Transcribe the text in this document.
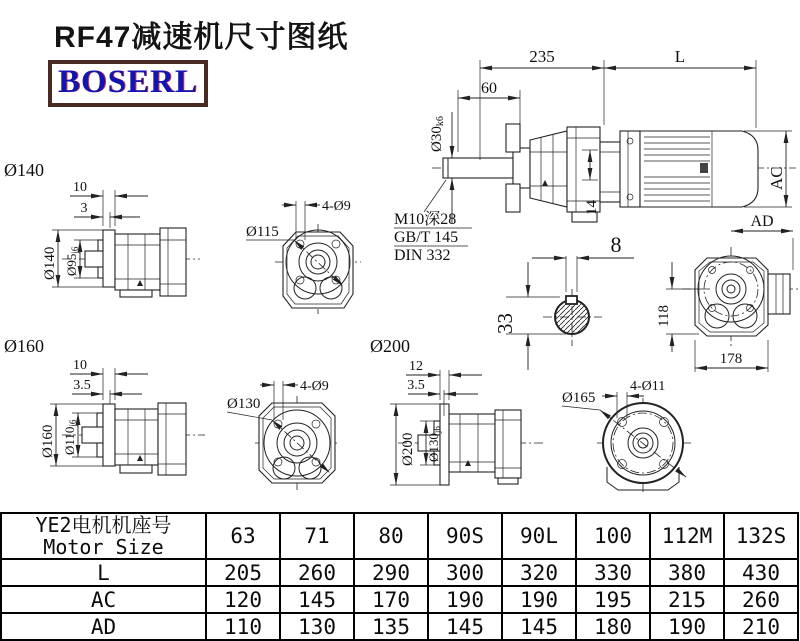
RF47减速机尺寸图纸
BOSERL
235	L
60
Ø30k6
14
AC
M10深28
GB/T 145
DIN 332	8
33
AD
118
178
Ø140
10
3
Ø140 Ø95j6
Ø115
4-Ø9
Ø160
10
3.5
Ø160 Ø110j6
Ø130
4-Ø9
Ø200
12
3.5
Ø200 Ø130j6
Ø165
4-Ø11
YE2电机机座号
Motor Size	63	71	80	90S	90L	100	112M	132S
L	205	260	290	300	320	330	380	430
AC	120	145	170	190	190	195	215	260
AD	110	130	135	145	145	180	190	210
